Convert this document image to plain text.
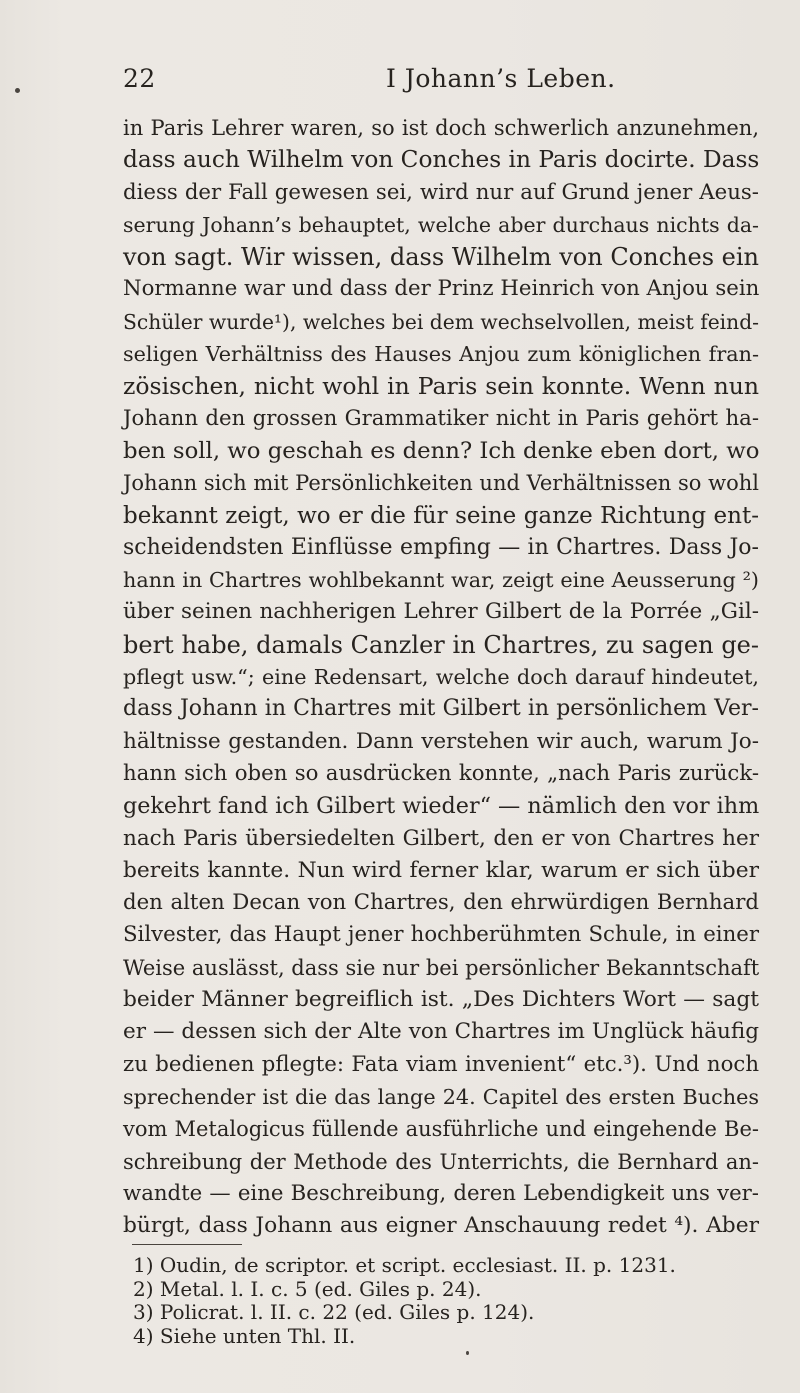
22	I Johann’s Leben.
in Paris Lehrer waren, so ist doch schwerlich anzunehmen,
dass auch Wilhelm von Conches in Paris docirte. Dass
diess der Fall gewesen sei, wird nur auf Grund jener Aeus-
serung Johann’s behauptet, welche aber durchaus nichts da-
von sagt. Wir wissen, dass Wilhelm von Conches ein
Normanne war und dass der Prinz Heinrich von Anjou sein
Schüler wurde¹), welches bei dem wechselvollen, meist feind-
seligen Verhältniss des Hauses Anjou zum königlichen fran-
zösischen, nicht wohl in Paris sein konnte. Wenn nun
Johann den grossen Grammatiker nicht in Paris gehört ha-
ben soll, wo geschah es denn? Ich denke eben dort, wo
Johann sich mit Persönlichkeiten und Verhältnissen so wohl
bekannt zeigt, wo er die für seine ganze Richtung ent-
scheidendsten Einflüsse empfing — in Chartres. Dass Jo-
hann in Chartres wohlbekannt war, zeigt eine Aeusserung ²)
über seinen nachherigen Lehrer Gilbert de la Porrée „Gil-
bert habe, damals Canzler in Chartres, zu sagen ge-
pflegt usw.“; eine Redensart, welche doch darauf hindeutet,
dass Johann in Chartres mit Gilbert in persönlichem Ver-
hältnisse gestanden. Dann verstehen wir auch, warum Jo-
hann sich oben so ausdrücken konnte, „nach Paris zurück-
gekehrt fand ich Gilbert wieder“ — nämlich den vor ihm
nach Paris übersiedelten Gilbert, den er von Chartres her
bereits kannte. Nun wird ferner klar, warum er sich über
den alten Decan von Chartres, den ehrwürdigen Bernhard
Silvester, das Haupt jener hochberühmten Schule, in einer
Weise auslässt, dass sie nur bei persönlicher Bekanntschaft
beider Männer begreiflich ist. „Des Dichters Wort — sagt
er — dessen sich der Alte von Chartres im Unglück häufig
zu bedienen pflegte: Fata viam invenient“ etc.³). Und noch
sprechender ist die das lange 24. Capitel des ersten Buches
vom Metalogicus füllende ausführliche und eingehende Be-
schreibung der Methode des Unterrichts, die Bernhard an-
wandte — eine Beschreibung, deren Lebendigkeit uns ver-
bürgt, dass Johann aus eigner Anschauung redet ⁴). Aber
1) Oudin, de scriptor. et script. ecclesiast. II. p. 1231.
2) Metal. l. I. c. 5 (ed. Giles p. 24).
3) Policrat. l. II. c. 22 (ed. Giles p. 124).
4) Siehe unten Thl. II.
